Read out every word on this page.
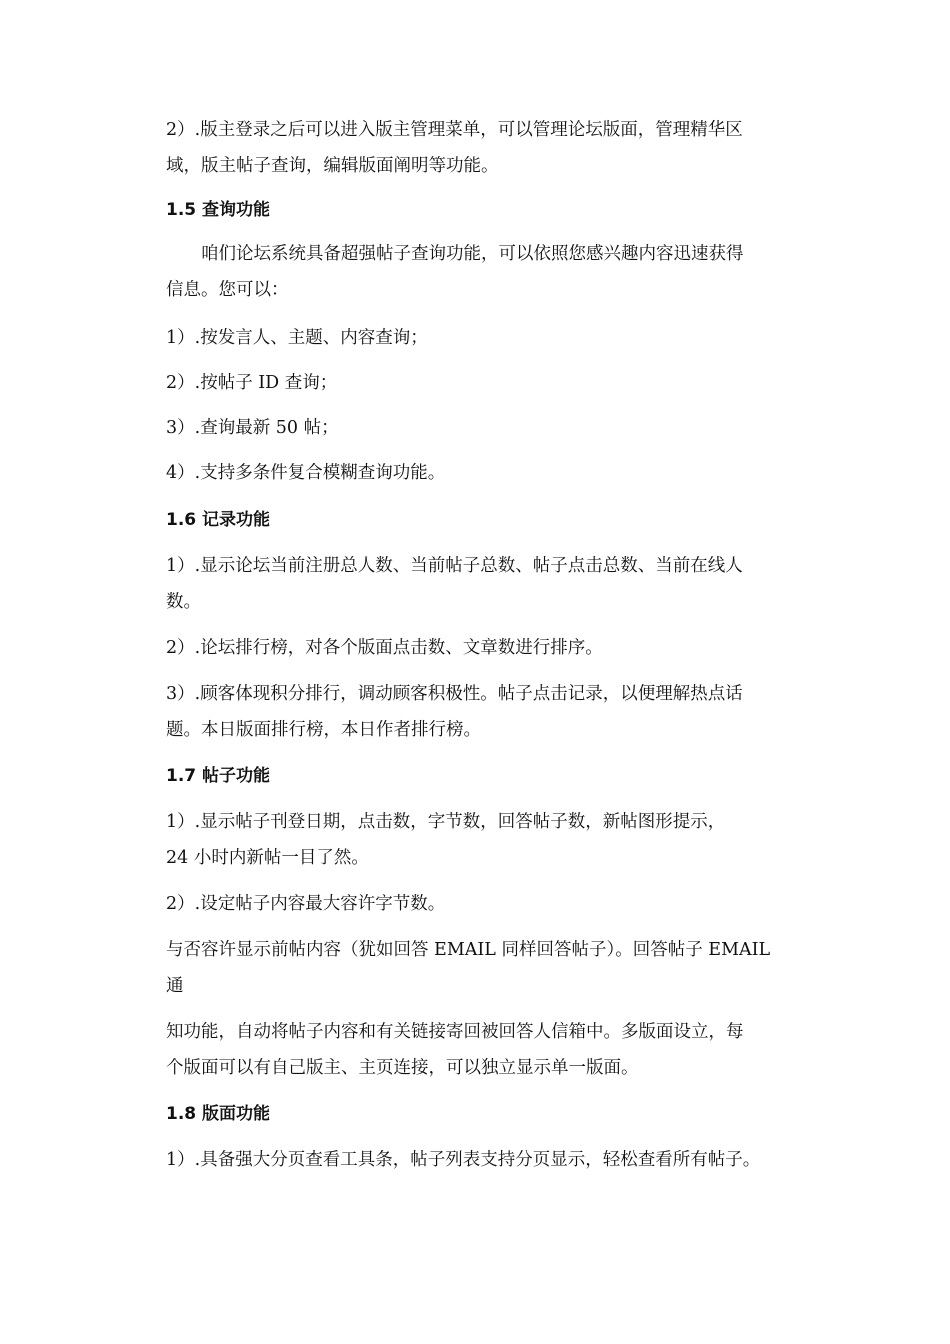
2）.版主登录之后可以进入版主管理菜单，可以管理论坛版面，管理精华区
域，版主帖子查询，编辑版面阐明等功能。

1.5 查询功能

咱们论坛系统具备超强帖子查询功能，可以依照您感兴趣内容迅速获得
信息。您可以：

1）.按发言人、主题、内容查询；
2）.按帖子 ID 查询；
3）.查询最新 50 帖；
4）.支持多条件复合模糊查询功能。
1.6 记录功能

1）.显示论坛当前注册总人数、当前帖子总数、帖子点击总数、当前在线人
数。

2）.论坛排行榜，对各个版面点击数、文章数进行排序。

3）.顾客体现积分排行，调动顾客积极性。帖子点击记录，以便理解热点话
题。本日版面排行榜，本日作者排行榜。

1.7 帖子功能

1）.显示帖子刊登日期，点击数，字节数，回答帖子数，新帖图形提示，
24 小时内新帖一目了然。

2）.设定帖子内容最大容许字节数。

与否容许显示前帖内容（犹如回答 EMAIL 同样回答帖子）。回答帖子 EMAIL
通

知功能，自动将帖子内容和有关链接寄回被回答人信箱中。多版面设立，每
个版面可以有自己版主、主页连接，可以独立显示单一版面。

1.8 版面功能
1）.具备强大分页查看工具条，帖子列表支持分页显示，轻松查看所有帖子。
